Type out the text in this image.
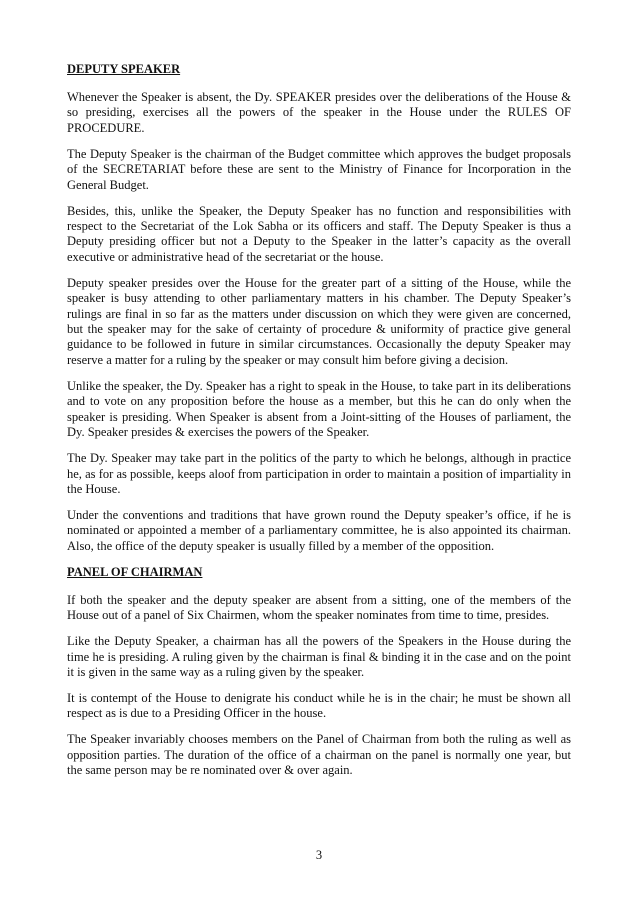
DEPUTY SPEAKER

Whenever the Speaker is absent, the Dy. SPEAKER presides over the deliberations of the House & so presiding, exercises all the powers of the speaker in the House under the RULES OF PROCEDURE.

The Deputy Speaker is the chairman of the Budget committee which approves the budget proposals of the SECRETARIAT before these are sent to the Ministry of Finance for Incorporation in the General Budget.

Besides, this, unlike the Speaker, the Deputy Speaker has no function and responsibilities with respect to the Secretariat of the Lok Sabha or its officers and staff. The Deputy Speaker is thus a Deputy presiding officer but not a Deputy to the Speaker in the latter’s capacity as the overall executive or administrative head of the secretariat or the house.

Deputy speaker presides over the House for the greater part of a sitting of the House, while the speaker is busy attending to other parliamentary matters in his chamber. The Deputy Speaker’s rulings are final in so far as the matters under discussion on which they were given are concerned, but the speaker may for the sake of certainty of procedure & uniformity of practice give general guidance to be followed in future in similar circumstances. Occasionally the deputy Speaker may reserve a matter for a ruling by the speaker or may consult him before giving a decision.

Unlike the speaker, the Dy. Speaker has a right to speak in the House, to take part in its deliberations and to vote on any proposition before the house as a member, but this he can do only when the speaker is presiding. When Speaker is absent from a Joint-sitting of the Houses of parliament, the Dy. Speaker presides & exercises the powers of the Speaker.

The Dy. Speaker may take part in the politics of the party to which he belongs, although in practice he, as for as possible, keeps aloof from participation in order to maintain a position of impartiality in the House.

Under the conventions and traditions that have grown round the Deputy speaker’s office, if he is nominated or appointed a member of a parliamentary committee, he is also appointed its chairman. Also, the office of the deputy speaker is usually filled by a member of the opposition.

PANEL OF CHAIRMAN

If both the speaker and the deputy speaker are absent from a sitting, one of the members of the House out of a panel of Six Chairmen, whom the speaker nominates from time to time, presides.

Like the Deputy Speaker, a chairman has all the powers of the Speakers in the House during the time he is presiding. A ruling given by the chairman is final & binding it in the case and on the point it is given in the same way as a ruling given by the speaker.

It is contempt of the House to denigrate his conduct while he is in the chair; he must be shown all respect as is due to a Presiding Officer in the house.

The Speaker invariably chooses members on the Panel of Chairman from both the ruling as well as opposition parties. The duration of the office of a chairman on the panel is normally one year, but the same person may be re nominated over & over again.

3
